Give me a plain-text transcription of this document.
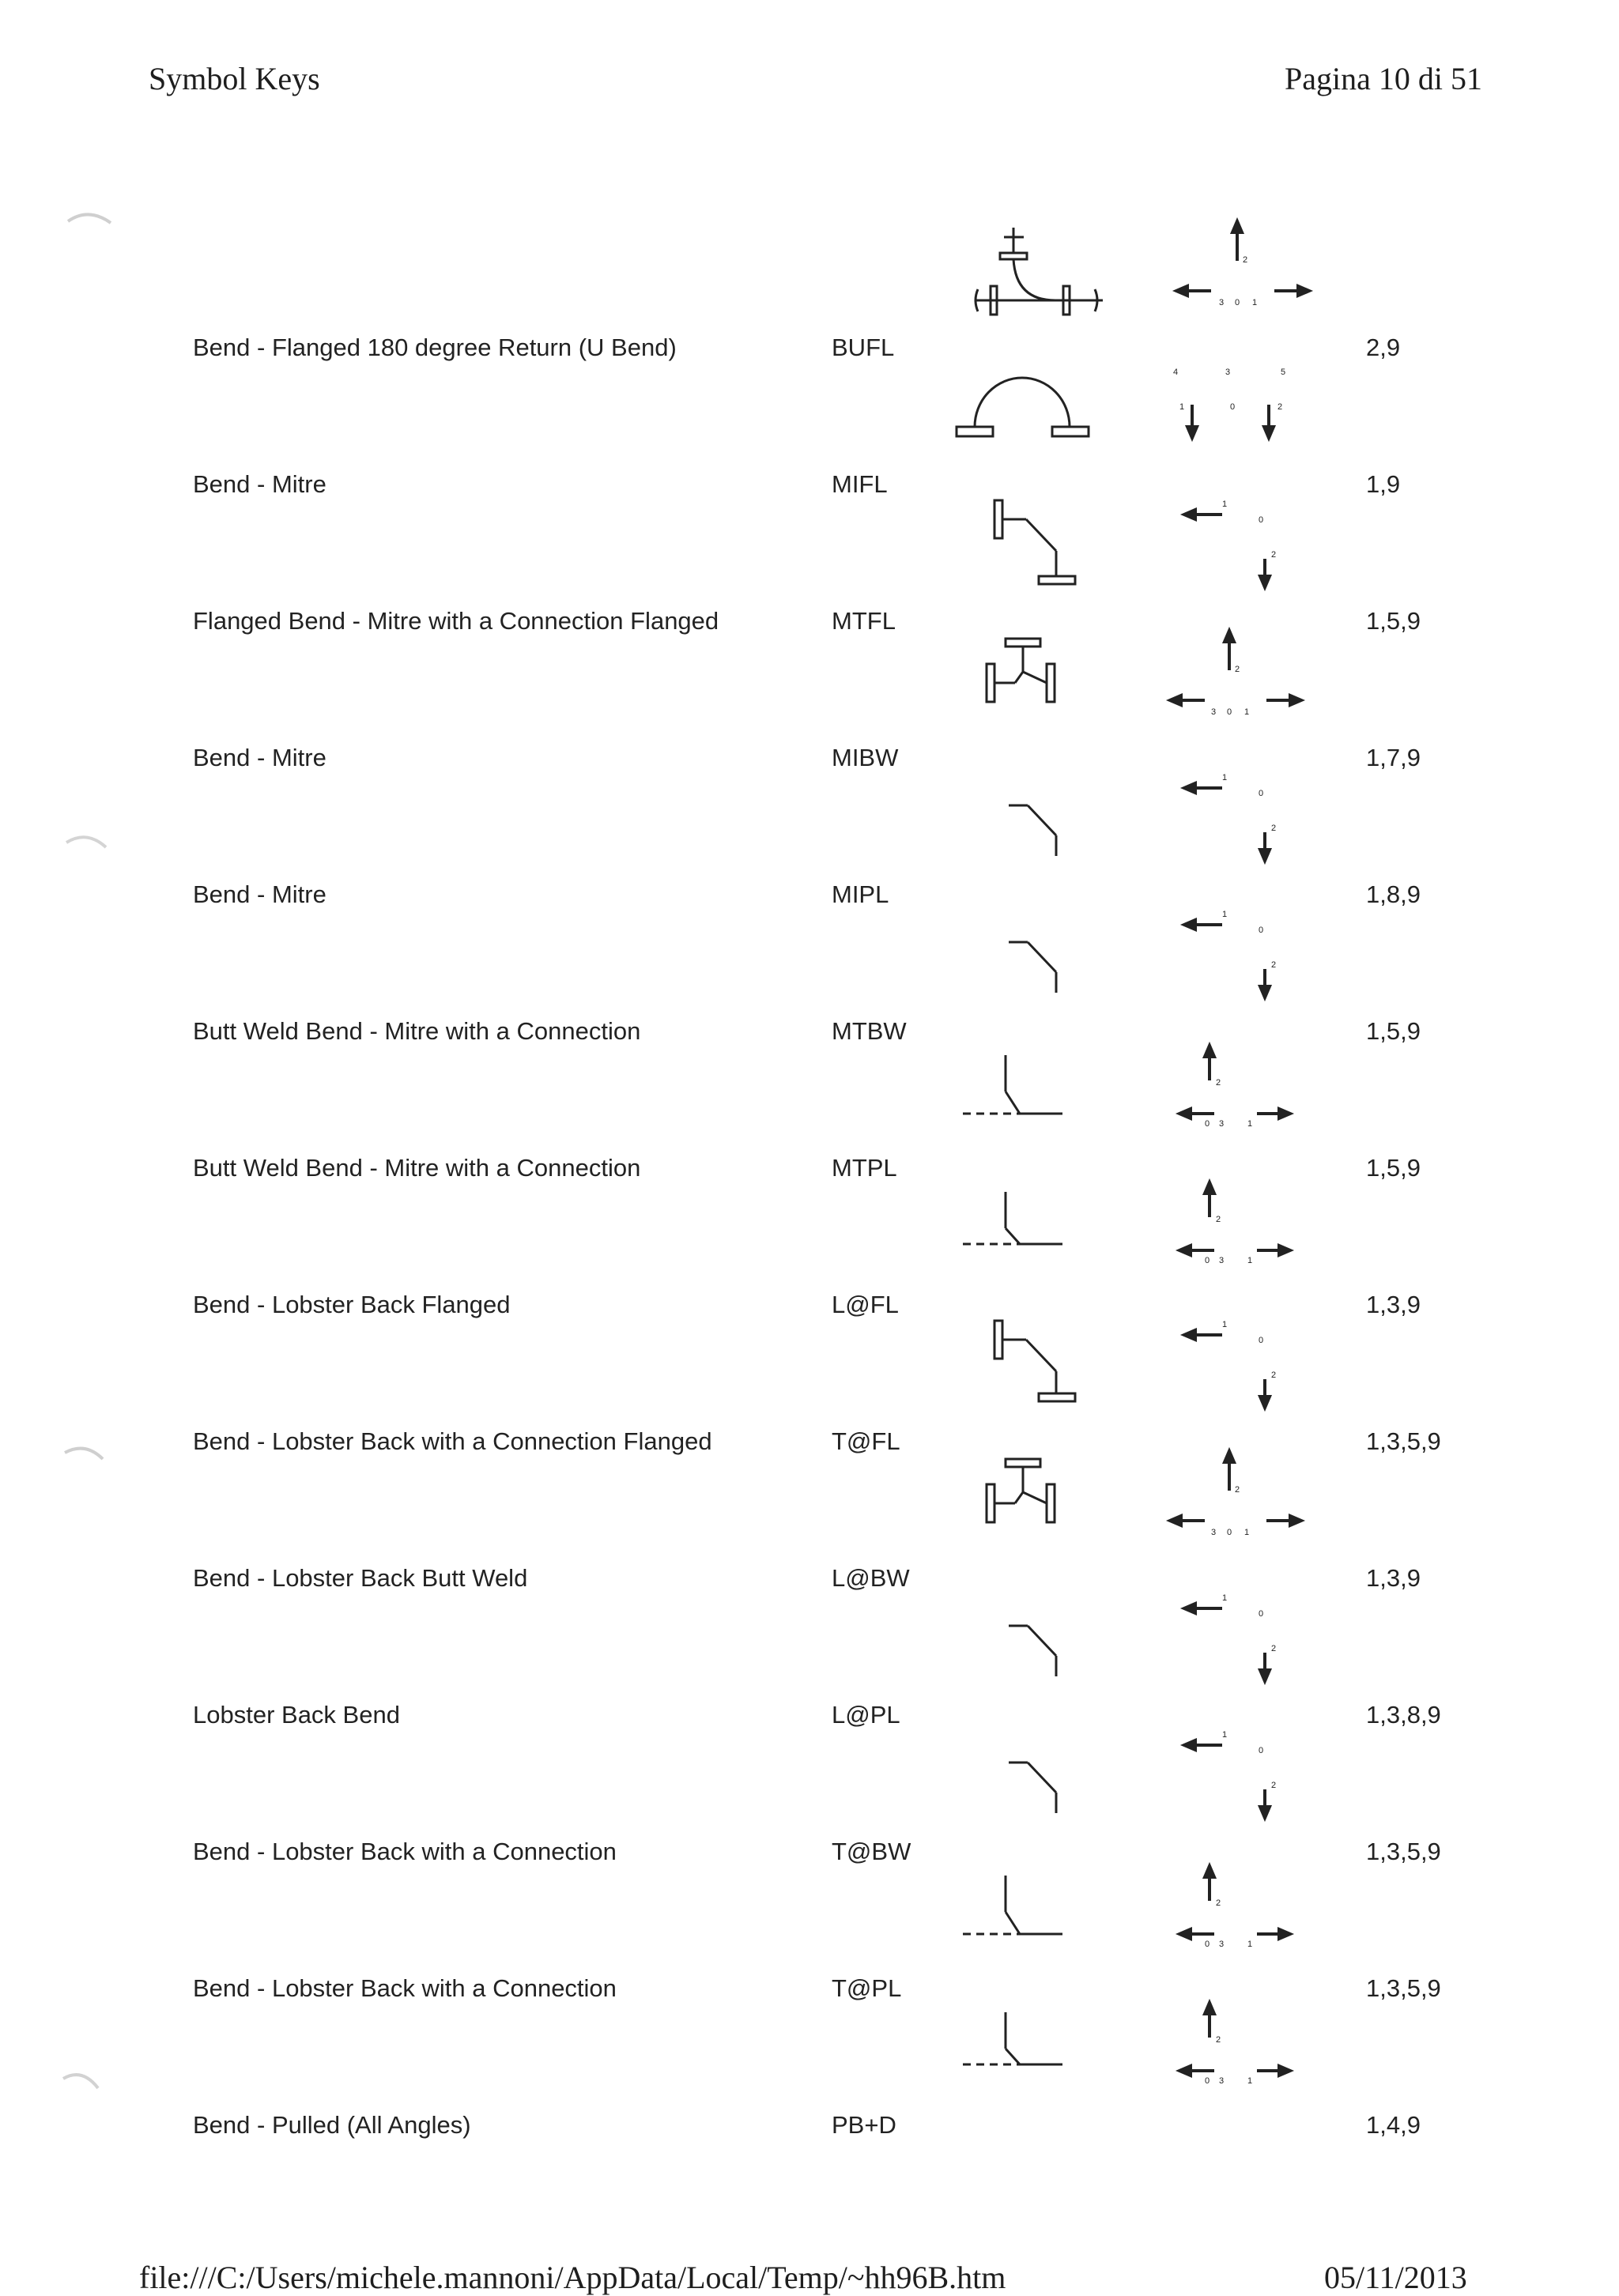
Symbol Keys	Pagina 10 di 51
2
3 0 1
Bend - Flanged 180 degree Return (U Bend)	BUFL	2,9
4	3	5
1	0	2
Bend - Mitre	MIFL	1,9
1
0
2
Flanged Bend - Mitre with a Connection Flanged	MTFL	1,5,9
2
3 0 1
Bend - Mitre	MIBW	1,7,9
1
0
2
Bend - Mitre	MIPL	1,8,9
1
0
2
Butt Weld Bend - Mitre with a Connection	MTBW	1,5,9
2
0 3	1
Butt Weld Bend - Mitre with a Connection	MTPL	1,5,9
2
0 3	1
Bend - Lobster Back Flanged	L@FL	1,3,9
1
0
2
Bend - Lobster Back with a Connection Flanged	T@FL	1,3,5,9
2
3 0 1
Bend - Lobster Back Butt Weld	L@BW	1,3,9
1
0
2
Lobster Back Bend	L@PL	1,3,8,9
1
0
2
Bend - Lobster Back with a Connection	T@BW	1,3,5,9
2
0 3	1
Bend - Lobster Back with a Connection	T@PL	1,3,5,9
2
0 3	1
Bend - Pulled (All Angles)	PB+D	1,4,9
file:///C:/Users/michele.mannoni/AppData/Local/Temp/~hh96B.htm	05/11/2013
